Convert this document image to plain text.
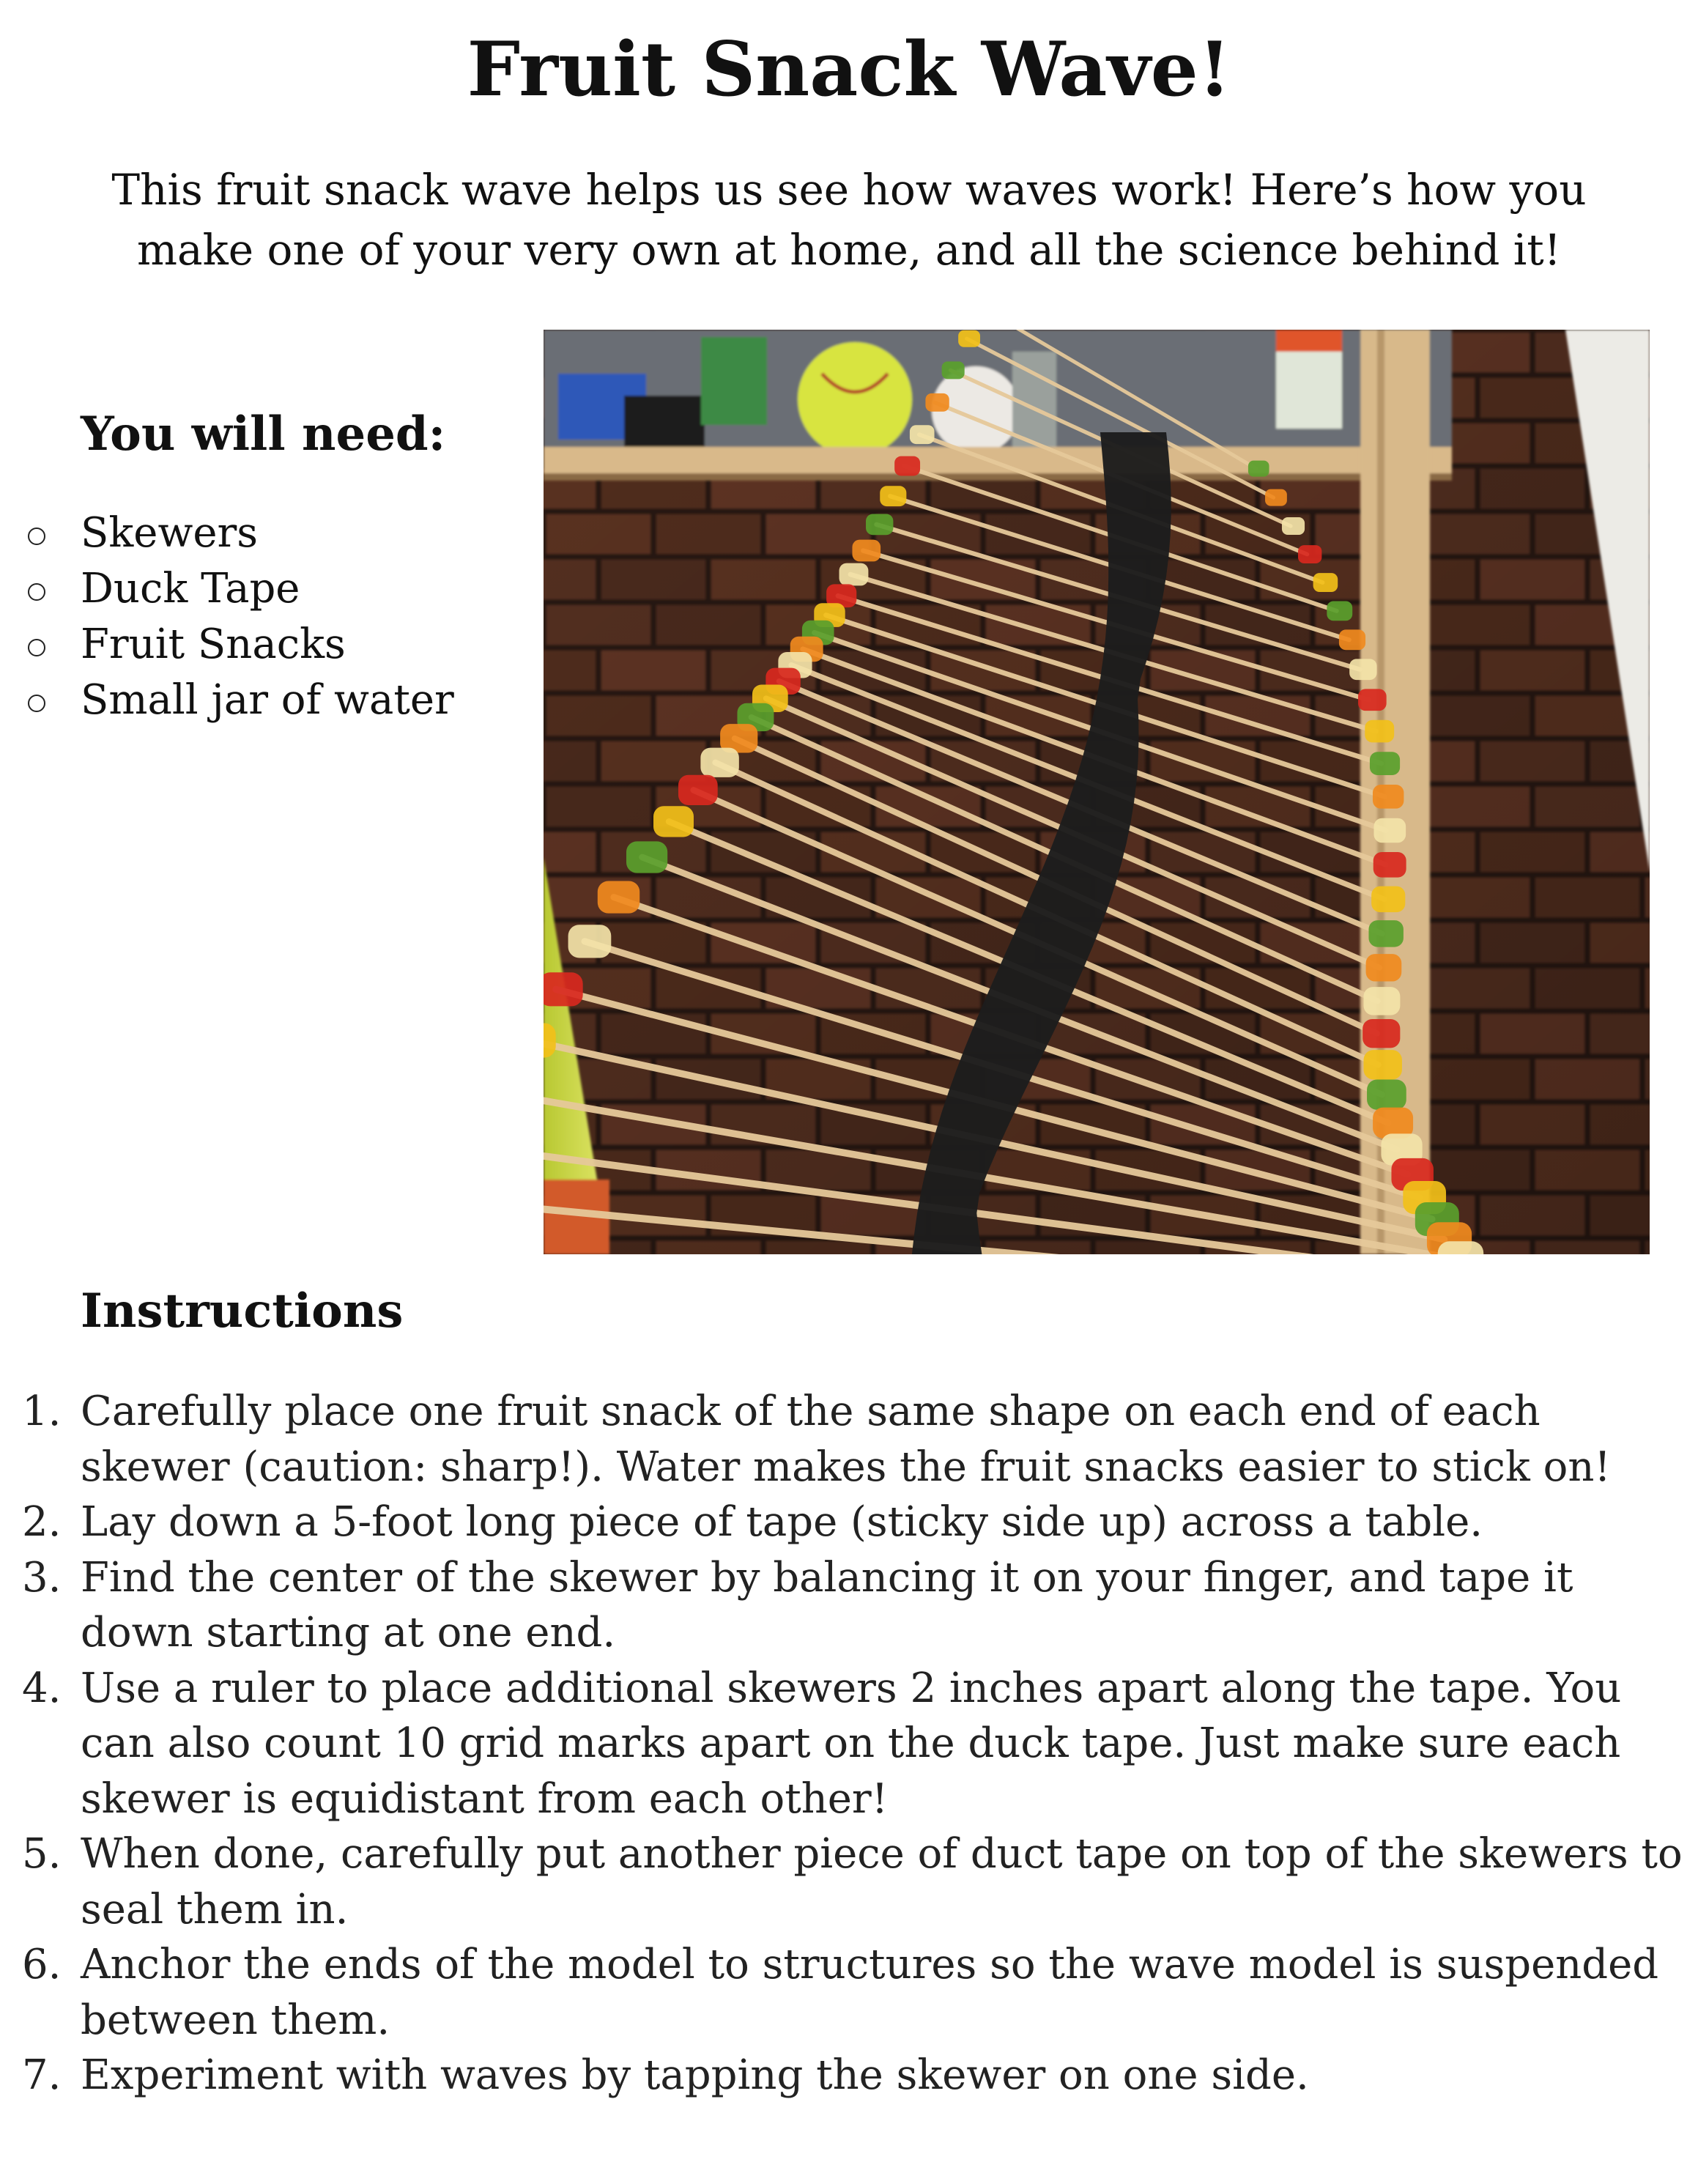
Fruit Snack Wave!

This fruit snack wave helps us see how waves work! Here’s how you make one of your very own at home, and all the science behind it!

You will need:
Skewers
Duck Tape
Fruit Snacks
Small jar of water
Instructions
1. Carefully place one fruit snack of the same shape on each end of each skewer (caution: sharp!). Water makes the fruit snacks easier to stick on!
2. Lay down a 5-foot long piece of tape (sticky side up) across a table.
3. Find the center of the skewer by balancing it on your finger, and tape it down starting at one end.
4. Use a ruler to place additional skewers 2 inches apart along the tape. You can also count 10 grid marks apart on the duck tape. Just make sure each skewer is equidistant from each other!
5. When done, carefully put another piece of duct tape on top of the skewers to seal them in.
6. Anchor the ends of the model to structures so the wave model is suspended between them.
7. Experiment with waves by tapping the skewer on one side.
